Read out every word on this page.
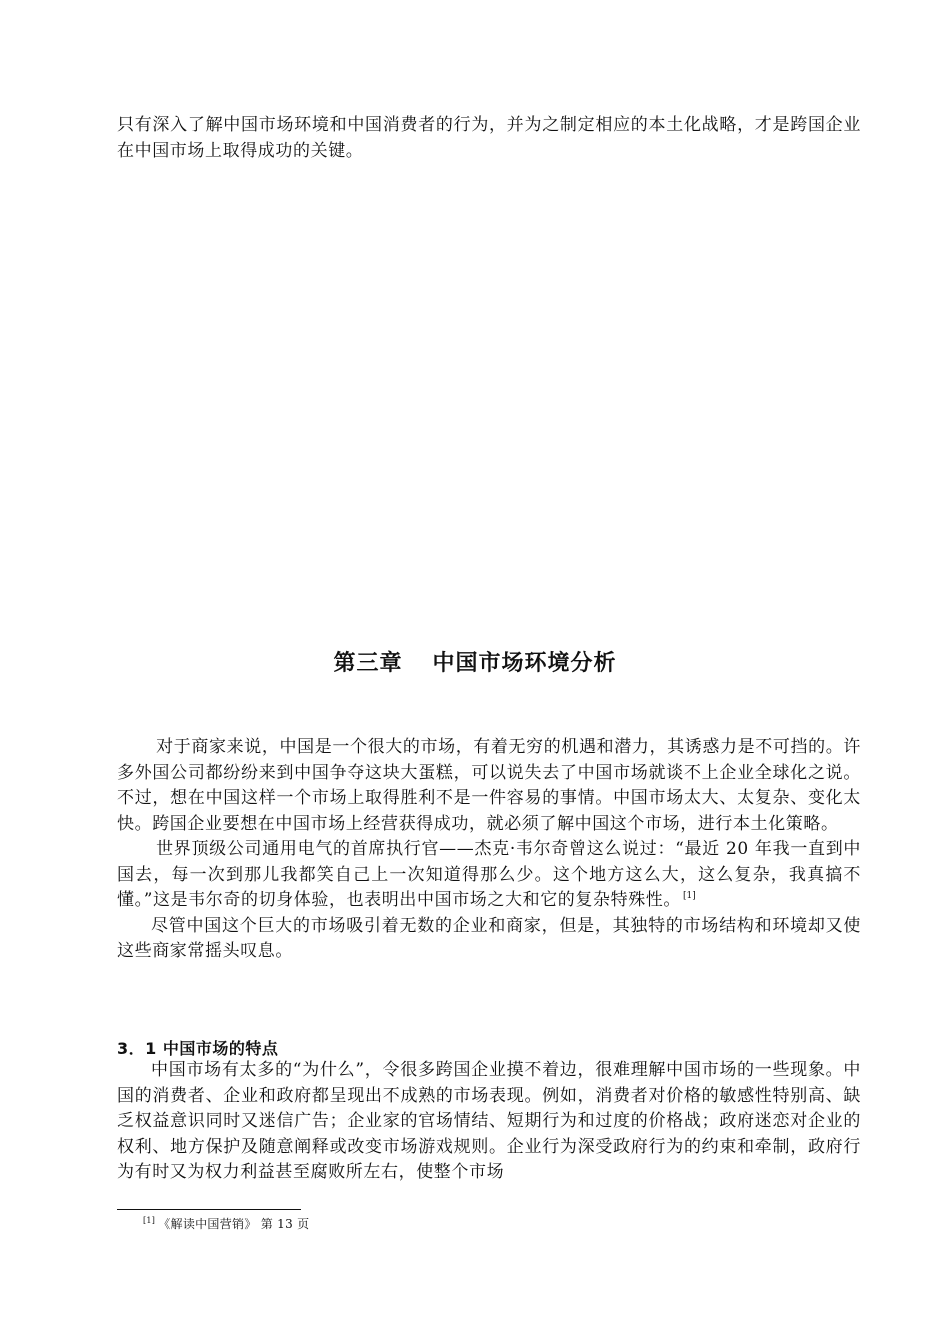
只有深入了解中国市场环境和中国消费者的行为，并为之制定相应的本土化战略，才是跨国企业在中国市场上取得成功的关键。

第三章 中国市场环境分析

对于商家来说，中国是一个很大的市场，有着无穷的机遇和潜力，其诱惑力是不可挡的。许多外国公司都纷纷来到中国争夺这块大蛋糕，可以说失去了中国市场就谈不上企业全球化之说。不过，想在中国这样一个市场上取得胜利不是一件容易的事情。中国市场太大、太复杂、变化太快。跨国企业要想在中国市场上经营获得成功，就必须了解中国这个市场，进行本土化策略。

世界顶级公司通用电气的首席执行官——杰克·韦尔奇曾这么说过：“最近 20 年我一直到中国去，每一次到那儿我都笑自己上一次知道得那么少。这个地方这么大，这么复杂，我真搞不懂。”这是韦尔奇的切身体验，也表明出中国市场之大和它的复杂特殊性。 [1]

尽管中国这个巨大的市场吸引着无数的企业和商家，但是，其独特的市场结构和环境却又使这些商家常摇头叹息。

3．1 中国市场的特点

中国市场有太多的“为什么”，令很多跨国企业摸不着边，很难理解中国市场的一些现象。中国的消费者、企业和政府都呈现出不成熟的市场表现。例如，消费者对价格的敏感性特别高、缺乏权益意识同时又迷信广告；企业家的官场情结、短期行为和过度的价格战；政府迷恋对企业的权利、地方保护及随意阐释或改变市场游戏规则。企业行为深受政府行为的约束和牵制，政府行为有时又为权力利益甚至腐败所左右，使整个市场

[1] 《解读中国营销》 第 13 页
